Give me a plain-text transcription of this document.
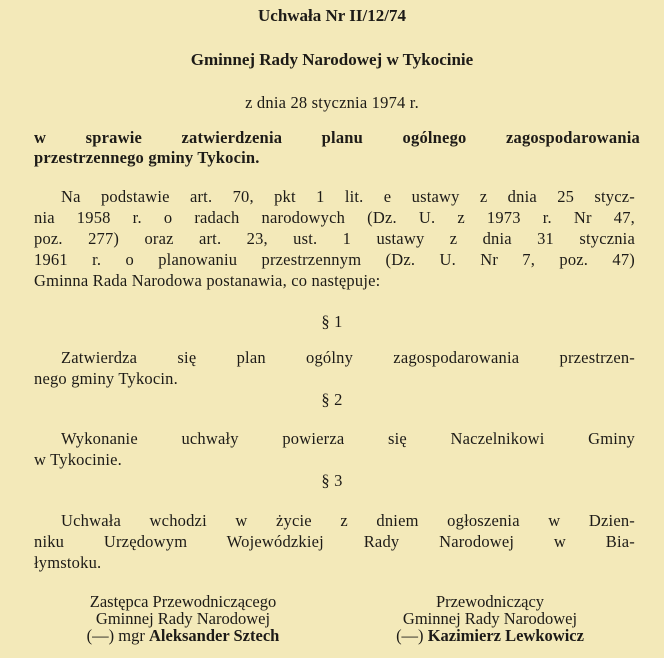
Uchwała Nr II/12/74
Gminnej Rady Narodowej w Tykocinie
z dnia 28 stycznia 1974 r.
w sprawie zatwierdzenia planu ogólnego zagospodarowania
przestrzennego gminy Tykocin.
Na podstawie art. 70, pkt 1 lit. e ustawy z dnia 25 stycz-
nia 1958 r. o radach narodowych (Dz. U. z 1973 r. Nr 47,
poz. 277) oraz art. 23, ust. 1 ustawy z dnia 31 stycznia
1961 r. o planowaniu przestrzennym (Dz. U. Nr 7, poz. 47)
Gminna Rada Narodowa postanawia, co następuje:
§ 1
Zatwierdza się plan ogólny zagospodarowania przestrzen-
nego gminy Tykocin.
§ 2
Wykonanie uchwały powierza się Naczelnikowi Gminy
w Tykocinie.
§ 3
Uchwała wchodzi w życie z dniem ogłoszenia w Dzien-
niku Urzędowym Wojewódzkiej Rady Narodowej w Bia-
łymstoku.
Zastępca Przewodniczącego
Gminnej Rady Narodowej
(—) mgr Aleksander Sztech
Przewodniczący
Gminnej Rady Narodowej
(—) Kazimierz Lewkowicz
